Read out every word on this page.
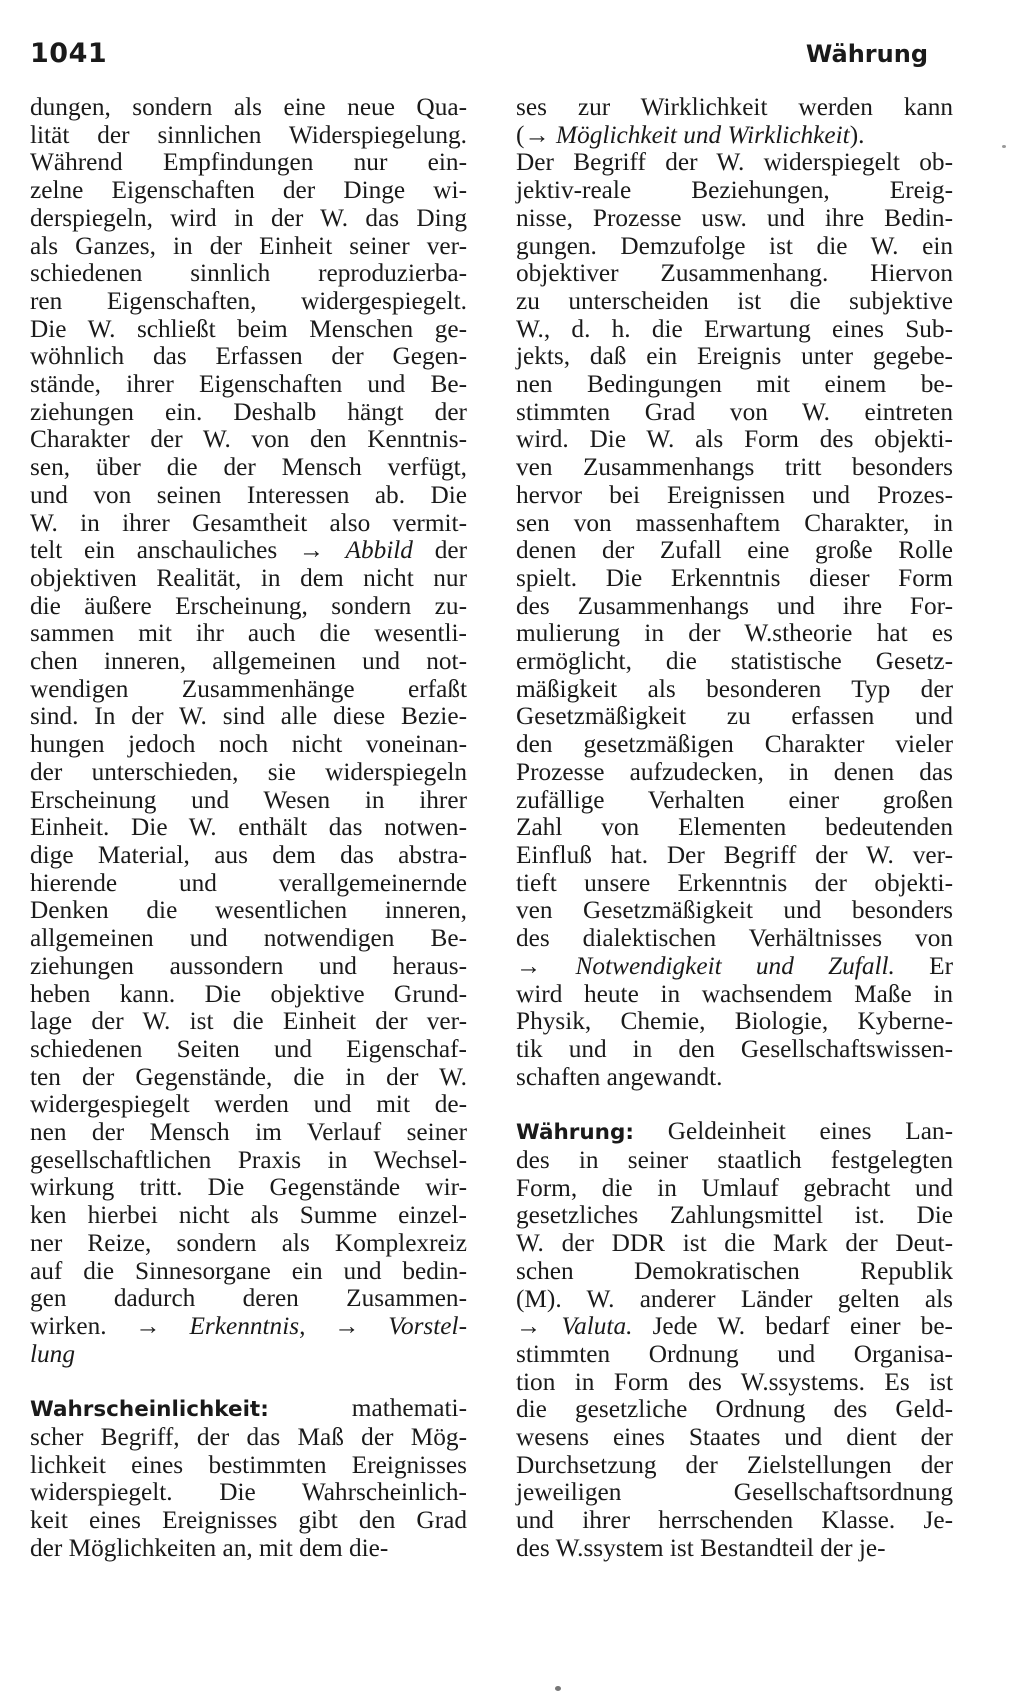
1041	Währung
dungen, sondern als eine neue Qua-
lität der sinnlichen Widerspiegelung.
Während Empfindungen nur ein-
zelne Eigenschaften der Dinge wi-
derspiegeln, wird in der W. das Ding
als Ganzes, in der Einheit seiner ver-
schiedenen sinnlich reproduzierba-
ren Eigenschaften, widergespiegelt.
Die W. schließt beim Menschen ge-
wöhnlich das Erfassen der Gegen-
stände, ihrer Eigenschaften und Be-
ziehungen ein. Deshalb hängt der
Charakter der W. von den Kenntnis-
sen, über die der Mensch verfügt,
und von seinen Interessen ab. Die
W. in ihrer Gesamtheit also vermit-
telt ein anschauliches → Abbild der
objektiven Realität, in dem nicht nur
die äußere Erscheinung, sondern zu-
sammen mit ihr auch die wesentli-
chen inneren, allgemeinen und not-
wendigen Zusammenhänge erfaßt
sind. In der W. sind alle diese Bezie-
hungen jedoch noch nicht voneinan-
der unterschieden, sie widerspiegeln
Erscheinung und Wesen in ihrer
Einheit. Die W. enthält das notwen-
dige Material, aus dem das abstra-
hierende und verallgemeinernde
Denken die wesentlichen inneren,
allgemeinen und notwendigen Be-
ziehungen aussondern und heraus-
heben kann. Die objektive Grund-
lage der W. ist die Einheit der ver-
schiedenen Seiten und Eigenschaf-
ten der Gegenstände, die in der W.
widergespiegelt werden und mit de-
nen der Mensch im Verlauf seiner
gesellschaftlichen Praxis in Wechsel-
wirkung tritt. Die Gegenstände wir-
ken hierbei nicht als Summe einzel-
ner Reize, sondern als Komplexreiz
auf die Sinnesorgane ein und bedin-
gen dadurch deren Zusammen-
wirken. → Erkenntnis, → Vorstel-
lung
Wahrscheinlichkeit: mathemati-
scher Begriff, der das Maß der Mög-
lichkeit eines bestimmten Ereignisses
widerspiegelt. Die Wahrscheinlich-
keit eines Ereignisses gibt den Grad
der Möglichkeiten an, mit dem die-
ses zur Wirklichkeit werden kann
(→ Möglichkeit und Wirklichkeit).
Der Begriff der W. widerspiegelt ob-
jektiv-reale Beziehungen, Ereig-
nisse, Prozesse usw. und ihre Bedin-
gungen. Demzufolge ist die W. ein
objektiver Zusammenhang. Hiervon
zu unterscheiden ist die subjektive
W., d. h. die Erwartung eines Sub-
jekts, daß ein Ereignis unter gegebe-
nen Bedingungen mit einem be-
stimmten Grad von W. eintreten
wird. Die W. als Form des objekti-
ven Zusammenhangs tritt besonders
hervor bei Ereignissen und Prozes-
sen von massenhaftem Charakter, in
denen der Zufall eine große Rolle
spielt. Die Erkenntnis dieser Form
des Zusammenhangs und ihre For-
mulierung in der W.stheorie hat es
ermöglicht, die statistische Gesetz-
mäßigkeit als besonderen Typ der
Gesetzmäßigkeit zu erfassen und
den gesetzmäßigen Charakter vieler
Prozesse aufzudecken, in denen das
zufällige Verhalten einer großen
Zahl von Elementen bedeutenden
Einfluß hat. Der Begriff der W. ver-
tieft unsere Erkenntnis der objekti-
ven Gesetzmäßigkeit und besonders
des dialektischen Verhältnisses von
→ Notwendigkeit und Zufall. Er
wird heute in wachsendem Maße in
Physik, Chemie, Biologie, Kyberne-
tik und in den Gesellschaftswissen-
schaften angewandt.
Währung: Geldeinheit eines Lan-
des in seiner staatlich festgelegten
Form, die in Umlauf gebracht und
gesetzliches Zahlungsmittel ist. Die
W. der DDR ist die Mark der Deut-
schen Demokratischen Republik
(M). W. anderer Länder gelten als
→ Valuta. Jede W. bedarf einer be-
stimmten Ordnung und Organisa-
tion in Form des W.ssystems. Es ist
die gesetzliche Ordnung des Geld-
wesens eines Staates und dient der
Durchsetzung der Zielstellungen der
jeweiligen Gesellschaftsordnung
und ihrer herrschenden Klasse. Je-
des W.ssystem ist Bestandteil der je-
